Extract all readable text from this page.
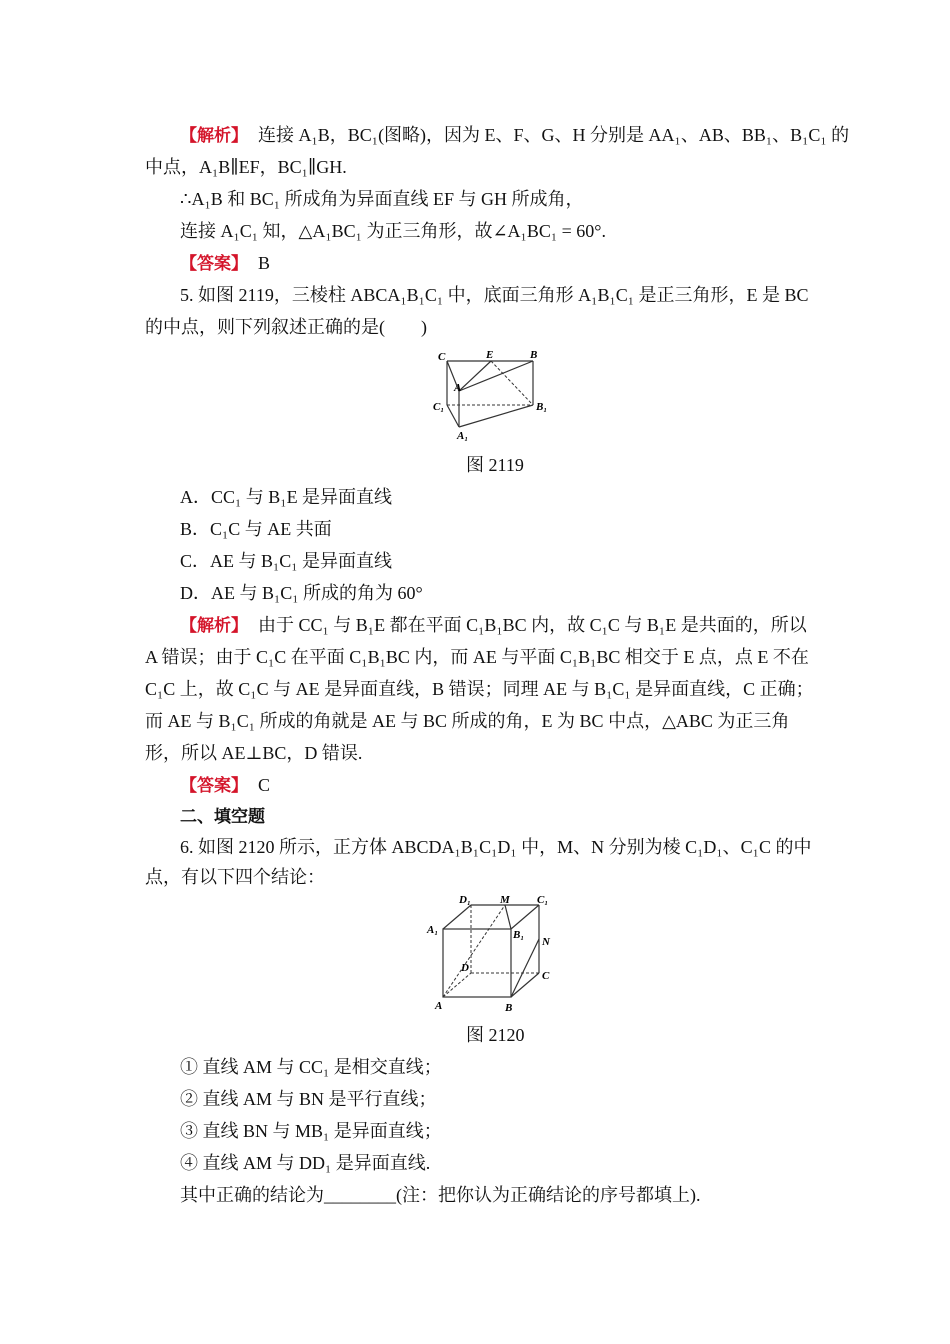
【解析】 连接 A₁B，BC₁(图略)，因为 E、F、G、H 分别是 AA₁、AB、BB₁、B₁C₁ 的
中点，A₁B∥EF，BC₁∥GH.
∴A₁B 和 BC₁ 所成角为异面直线 EF 与 GH 所成角，
连接 A₁C₁ 知，△A₁BC₁ 为正三角形，故∠A₁BC₁ = 60°.
【答案】 B
5. 如图 2119，三棱柱 ABCA₁B₁C₁ 中，底面三角形 A₁B₁C₁ 是正三角形，E 是 BC
的中点，则下列叙述正确的是(　　)
C	E	B
A
C₁	B₁
A₁
图 2119
A．CC₁ 与 B₁E 是异面直线
B．C₁C 与 AE 共面
C．AE 与 B₁C₁ 是异面直线
D．AE 与 B₁C₁ 所成的角为 60°
【解析】 由于 CC₁ 与 B₁E 都在平面 C₁B₁BC 内，故 C₁C 与 B₁E 是共面的，所以
A 错误；由于 C₁C 在平面 C₁B₁BC 内，而 AE 与平面 C₁B₁BC 相交于 E 点，点 E 不在
C₁C 上，故 C₁C 与 AE 是异面直线，B 错误；同理 AE 与 B₁C₁ 是异面直线，C 正确；
而 AE 与 B₁C₁ 所成的角就是 AE 与 BC 所成的角，E 为 BC 中点，△ABC 为正三角
形，所以 AE⊥BC，D 错误.
【答案】 C
二、填空题
6. 如图 2120 所示，正方体 ABCDA₁B₁C₁D₁ 中，M、N 分别为棱 C₁D₁、C₁C 的中
点，有以下四个结论：
D₁	M C₁
A₁	B₁
N
D
C
A	B
图 2120
① 直线 AM 与 CC₁ 是相交直线；
② 直线 AM 与 BN 是平行直线；
③ 直线 BN 与 MB₁ 是异面直线；
④ 直线 AM 与 DD₁ 是异面直线.
其中正确的结论为________(注：把你认为正确结论的序号都填上).
